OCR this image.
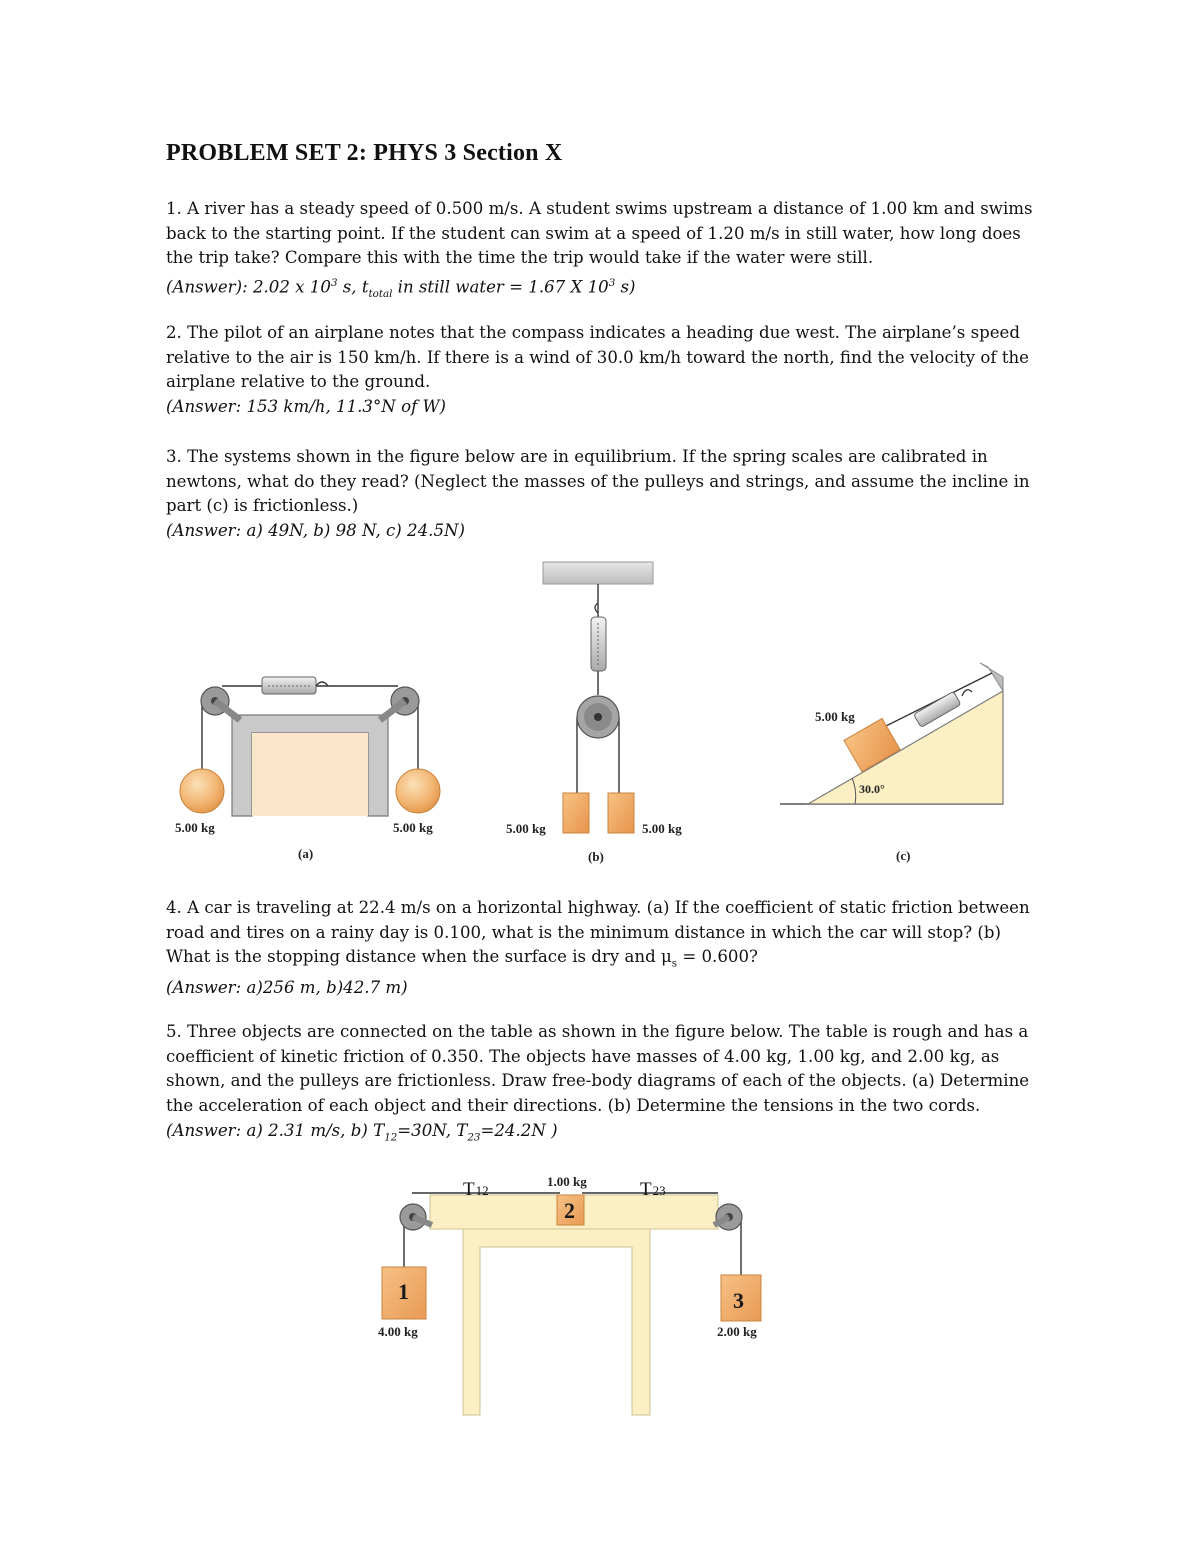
PROBLEM SET 2: PHYS 3 Section X

1. A river has a steady speed of 0.500 m/s. A student swims upstream a distance of 1.00 km and swims back to the starting point. If the student can swim at a speed of 1.20 m/s in still water, how long does the trip take? Compare this with the time the trip would take if the water were still.

(Answer): 2.02 x $10^3$ s, $t_{total}$ in still water = 1.67 X $10^3$ s)

2. The pilot of an airplane notes that the compass indicates a heading due west. The airplane’s speed relative to the air is 150 km/h. If there is a wind of 30.0 km/h toward the north, find the velocity of the airplane relative to the ground.

(Answer: 153 km/h, 11.3°N of W)

3. The systems shown in the figure below are in equilibrium. If the spring scales are calibrated in newtons, what do they read? (Neglect the masses of the pulleys and strings, and assume the incline in part (c) is frictionless.)

(Answer: a) 49N, b) 98 N, c) 24.5N)

5.00 kg	5.00 kg
(a)
5.00 kg	5.00 kg
(b)
30.0°
5.00 kg
(c)

4. A car is traveling at 22.4 m/s on a horizontal highway. (a) If the coefficient of static friction between road and tires on a rainy day is 0.100, what is the minimum distance in which the car will stop? (b) What is the stopping distance when the surface is dry and $\mu_s = 0.600$?

(Answer: a)256 m, b)42.7 m)

5. Three objects are connected on the table as shown in the figure below. The table is rough and has a coefficient of kinetic friction of 0.350. The objects have masses of 4.00 kg, 1.00 kg, and 2.00 kg, as shown, and the pulleys are frictionless. Draw free-body diagrams of each of the objects. (a) Determine the acceleration of each object and their directions. (b) Determine the tensions in the two cords. (Answer: a) 2.31 m/s, b) $T_{12}=30N$, $T_{23}=24.2N$ )

T12	T23
1.00 kg
2
1
4.00 kg
3
2.00 kg
